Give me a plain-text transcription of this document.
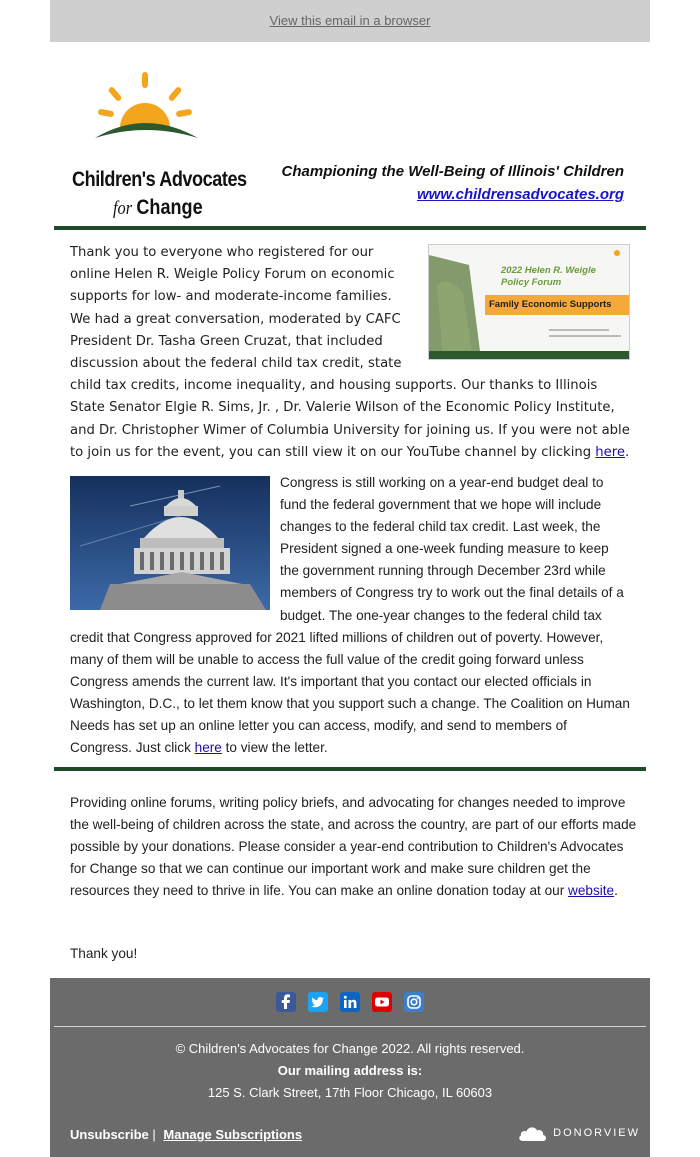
View this email in a browser
Children's Advocates
for Change
Championing the Well-Being of Illinois' Children
www.childrensadvocates.org
2022 Helen R. Weigle
Policy Forum
Family Economic Supports
Thank you to everyone who registered for our online Helen R. Weigle Policy Forum on economic supports for low- and moderate-income families. We had a great conversation, moderated by CAFC President Dr. Tasha Green Cruzat, that included discussion about the federal child tax credit, state child tax credits, income inequality, and housing supports. Our thanks to Illinois State Senator Elgie R. Sims, Jr. , Dr. Valerie Wilson of the Economic Policy Institute, and Dr. Christopher Wimer of Columbia University for joining us. If you were not able to join us for the event, you can still view it on our YouTube channel by clicking here.
Congress is still working on a year-end budget deal to fund the federal government that we hope will include changes to the federal child tax credit. Last week, the President signed a one-week funding measure to keep the government running through December 23rd while members of Congress try to work out the final details of a budget. The one-year changes to the federal child tax credit that Congress approved for 2021 lifted millions of children out of poverty. However, many of them will be unable to access the full value of the credit going forward unless Congress amends the current law. It's important that you contact our elected officials in Washington, D.C., to let them know that you support such a change. The Coalition on Human Needs has set up an online letter you can access, modify, and send to members of Congress. Just click here to view the letter.

Providing online forums, writing policy briefs, and advocating for changes needed to improve the well-being of children across the state, and across the country, are part of our efforts made possible by your donations. Please consider a year-end contribution to Children's Advocates for Change so that we can continue our important work and make sure children get the resources they need to thrive in life. You can make an online donation today at our website.

Thank you!

© Children's Advocates for Change 2022. All rights reserved.
Our mailing address is:
125 S. Clark Street, 17th Floor Chicago, IL 60603
Unsubscribe | Manage Subscriptions	DONORVIEW
